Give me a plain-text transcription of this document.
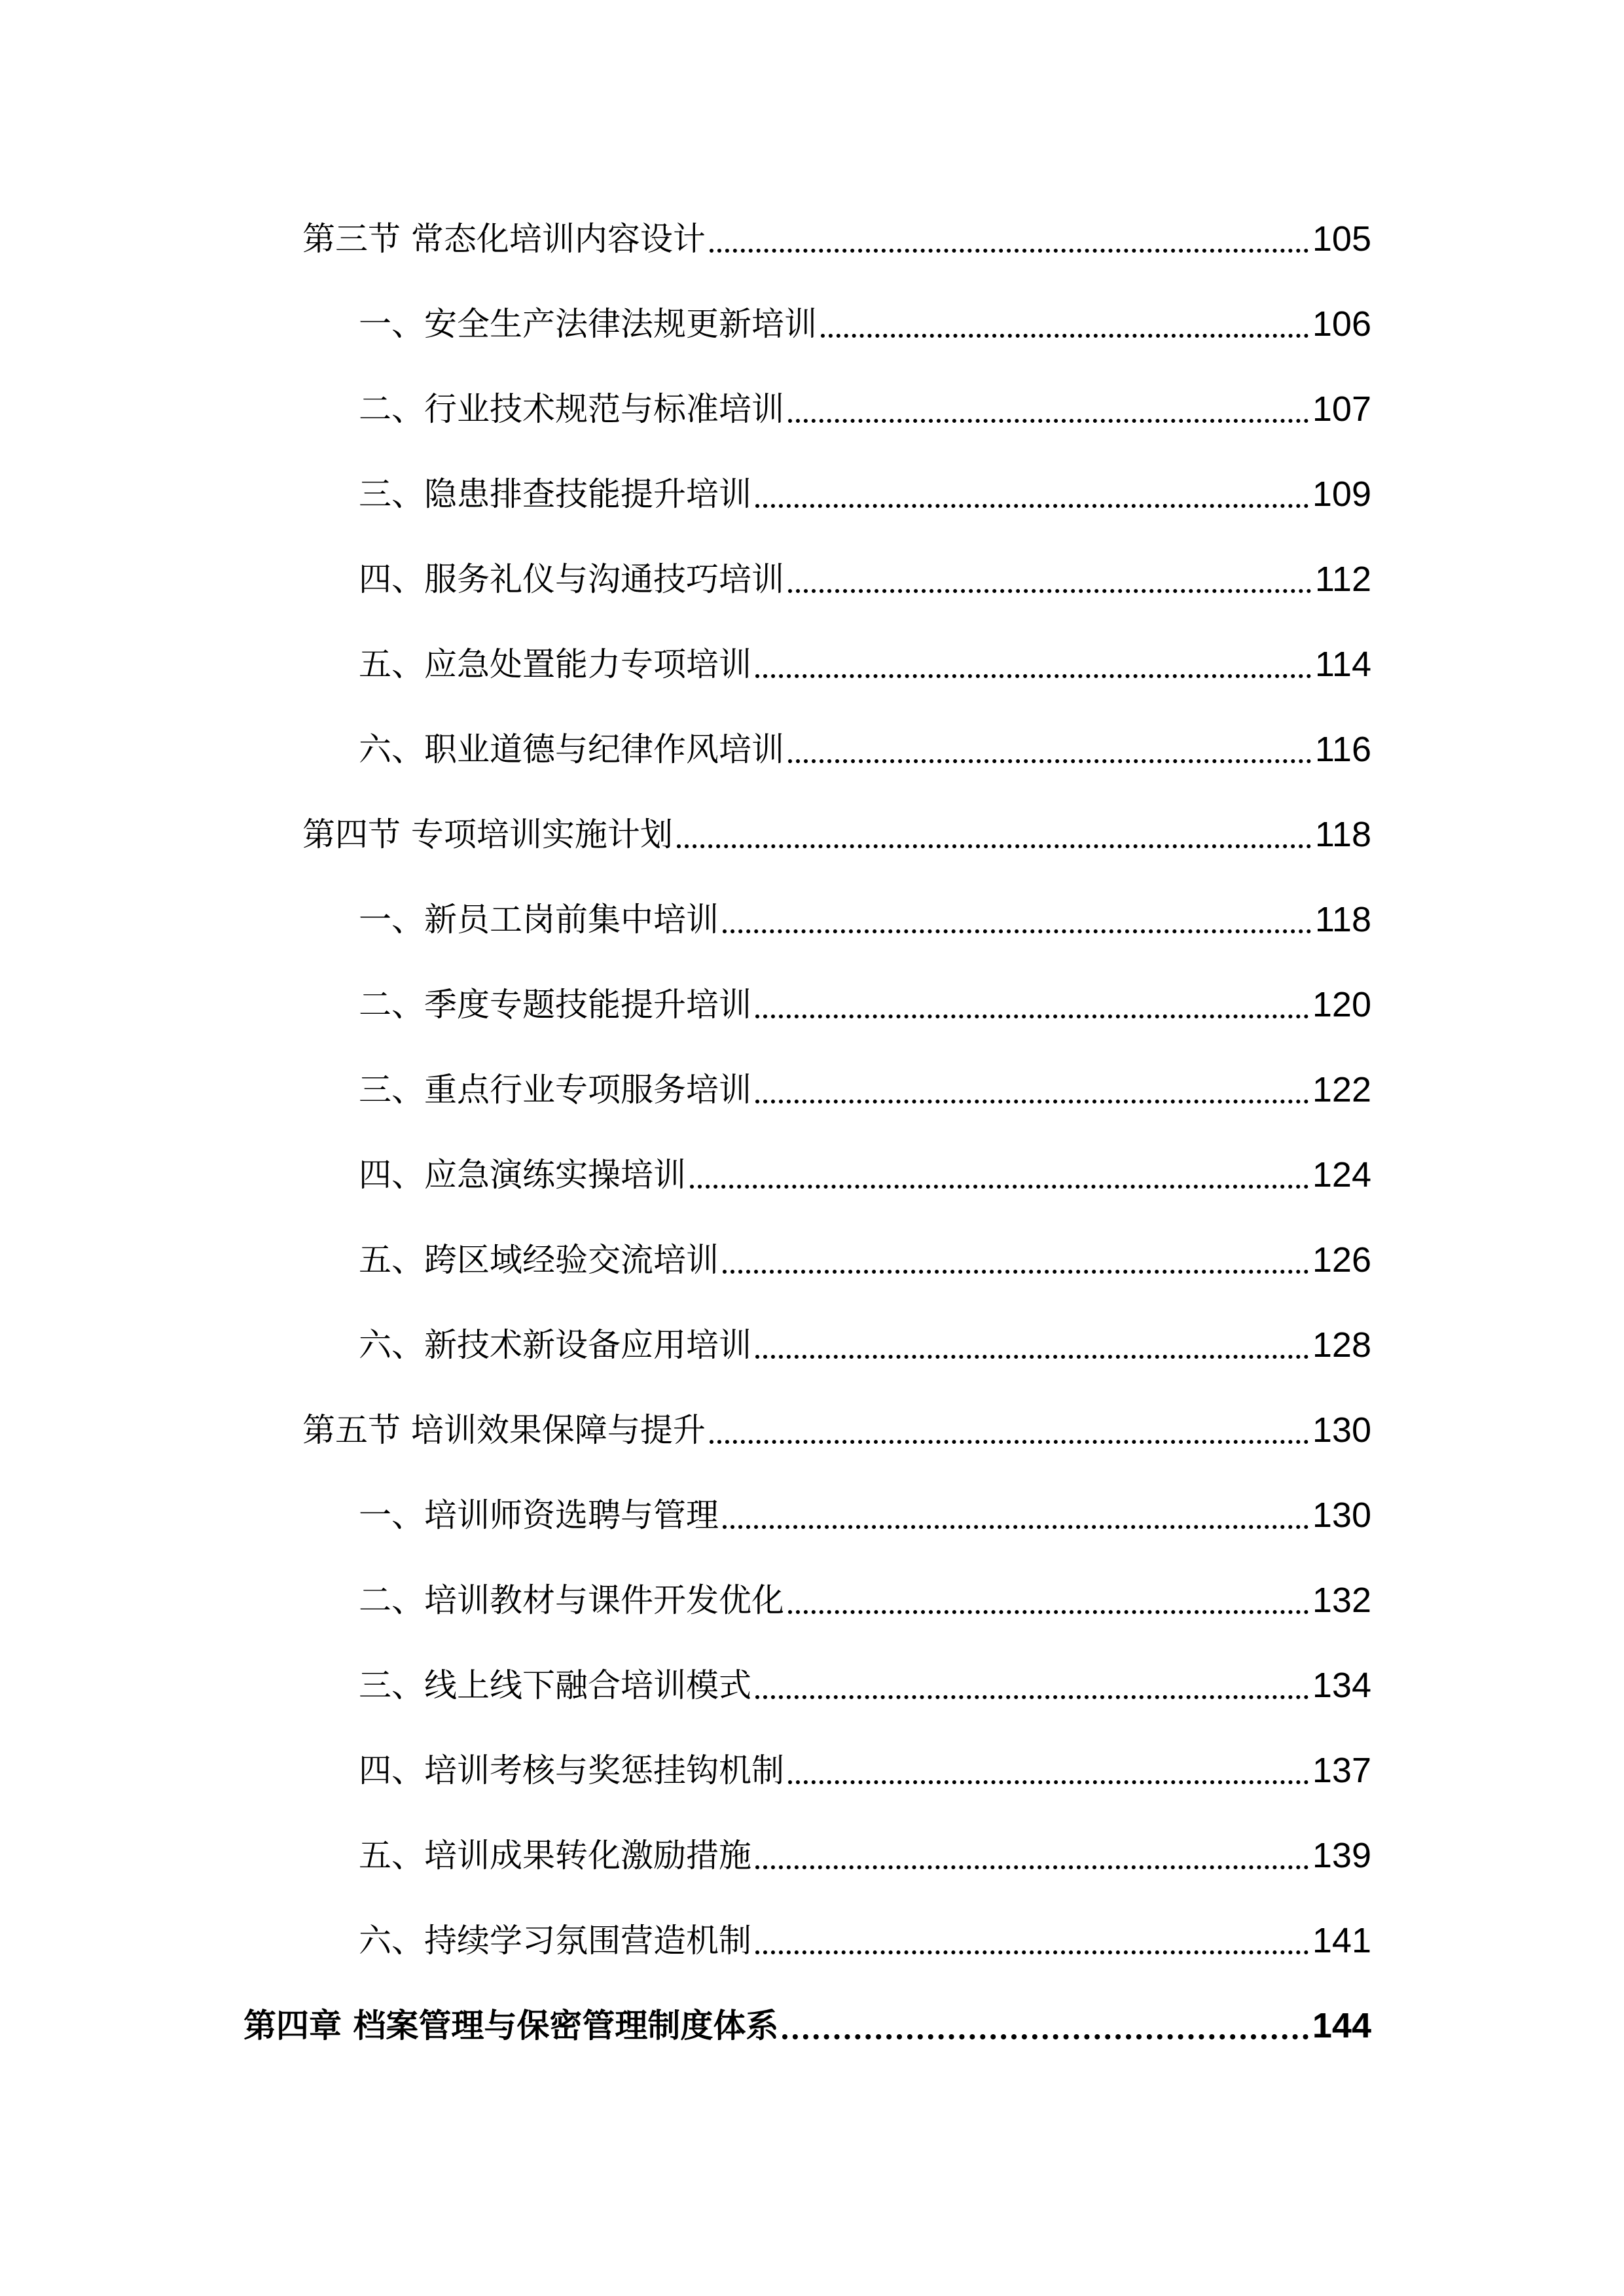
第三节 常态化培训内容设计	105
一、安全生产法律法规更新培训	106
二、行业技术规范与标准培训	107
三、隐患排查技能提升培训	109
四、服务礼仪与沟通技巧培训	112
五、应急处置能力专项培训	114
六、职业道德与纪律作风培训	116
第四节 专项培训实施计划	118
一、新员工岗前集中培训	118
二、季度专题技能提升培训	120
三、重点行业专项服务培训	122
四、应急演练实操培训	124
五、跨区域经验交流培训	126
六、新技术新设备应用培训	128
第五节 培训效果保障与提升	130
一、培训师资选聘与管理	130
二、培训教材与课件开发优化	132
三、线上线下融合培训模式	134
四、培训考核与奖惩挂钩机制	137
五、培训成果转化激励措施	139
六、持续学习氛围营造机制	141
第四章 档案管理与保密管理制度体系	144
